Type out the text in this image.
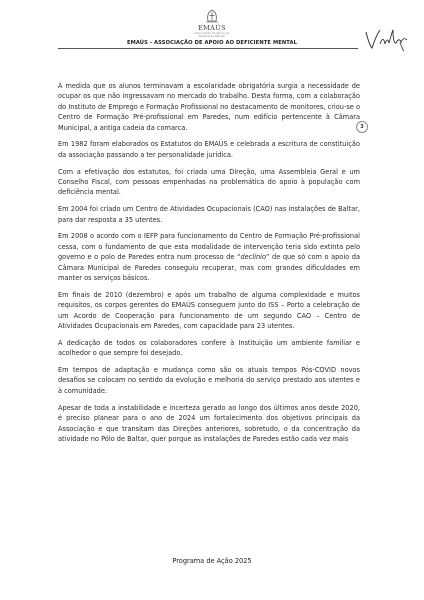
EMAÚS
Associação de Apoio ao Deficiente Mental
EMAÚS - ASSOCIAÇÃO DE APOIO AO DEFICIENTE MENTAL
3

À medida que os alunos terminavam a escolaridade obrigatória surgia a necessidade de ocupar os que não ingressavam no mercado do trabalho. Desta forma, com a colaboração do Instituto de Emprego e Formação Profissional no destacamento de monitores, criou-se o Centro de Formação Pré-profissional em Paredes, num edifício pertencente à Câmara Municipal, a antiga cadeia da comarca.

Em 1982 foram elaborados os Estatutos do EMAÚS e celebrada a escritura de constituição da associação passando a ter personalidade jurídica.

Com a efetivação dos estatutos, foi criada uma Direção, uma Assembleia Geral e um Conselho Fiscal, com pessoas empenhadas na problemática do apoio à população com deficiência mental.

Em 2004 foi criado um Centro de Atividades Ocupacionais (CAO) nas instalações de Baltar, para dar resposta a 35 utentes.

Em 2008 o acordo com o IEFP para funcionamento do Centro de Formação Pré-profissional cessa, com o fundamento de que esta modalidade de intervenção teria sido extinta pelo governo e o polo de Paredes entra num processo de “declínio” de que só com o apoio da Câmara Municipal de Paredes conseguiu recuperar, mas com grandes dificuldades em manter os serviços básicos.

Em finais de 2010 (dezembro) e após um trabalho de alguma complexidade e muitos requisitos, os corpos gerentes do EMAÚS conseguem junto do ISS – Porto a celebração de um Acordo de Cooperação para funcionamento de um segundo CAO – Centro de Atividades Ocupacionais em Paredes, com capacidade para 23 utentes.

A dedicação de todos os colaboradores confere à Instituição um ambiente familiar e acolhedor o que sempre foi desejado.

Em tempos de adaptação e mudança como são os atuais tempos Pós-COVID novos desafios se colocam no sentido da evolução e melhoria do serviço prestado aos utentes e à comunidade.

Apesar de toda a instabilidade e incerteza gerado ao longo dos últimos anos desde 2020, é preciso planear para o ano de 2024 um fortalecimento dos objetivos principais da Associação e que transitam das Direções anteriores, sobretudo, o da concentração da atividade no Pólo de Baltar, quer porque as instalações de Paredes estão cada vez mais

Programa de Ação 2025
